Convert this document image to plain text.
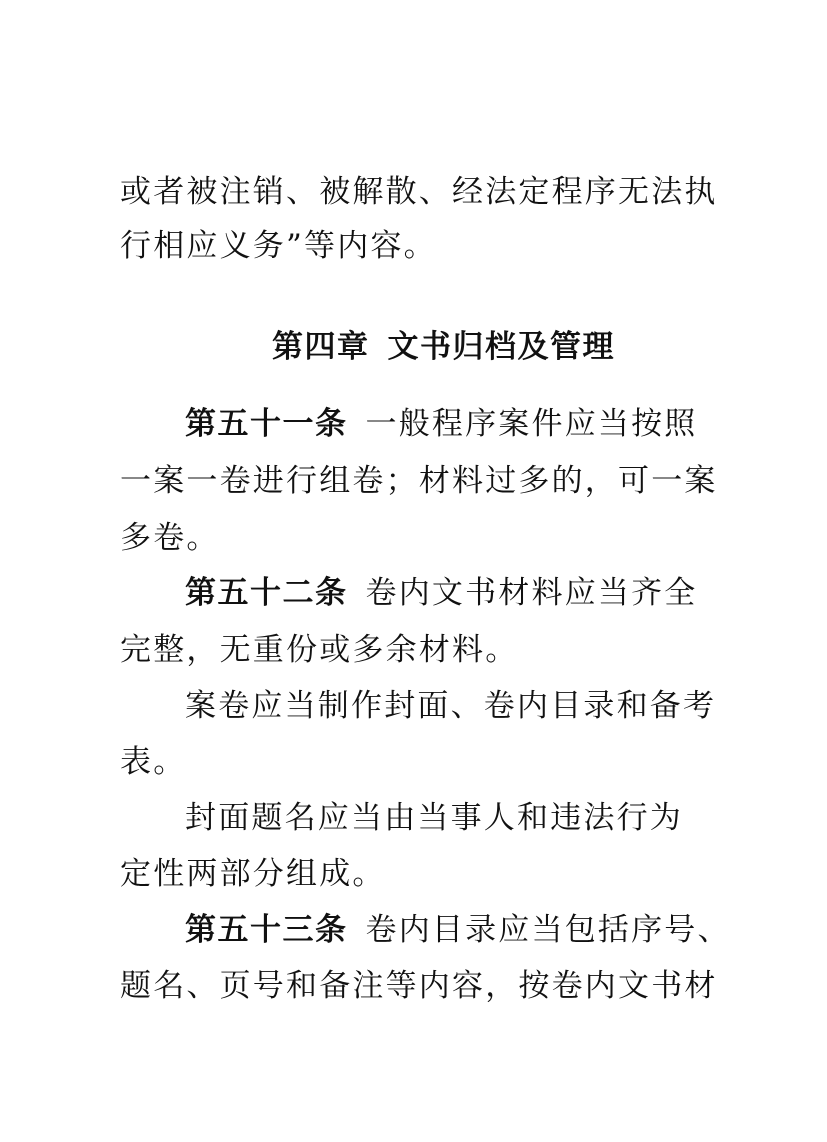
或者被注销、被解散、经法定程序无法执
行相应义务”等内容。
第四章 文书归档及管理
第五十一条 一般程序案件应当按照
一案一卷进行组卷；材料过多的，可一案
多卷。
第五十二条 卷内文书材料应当齐全
完整，无重份或多余材料。
案卷应当制作封面、卷内目录和备考
表。
封面题名应当由当事人和违法行为
定性两部分组成。
第五十三条 卷内目录应当包括序号、
题名、页号和备注等内容，按卷内文书材
